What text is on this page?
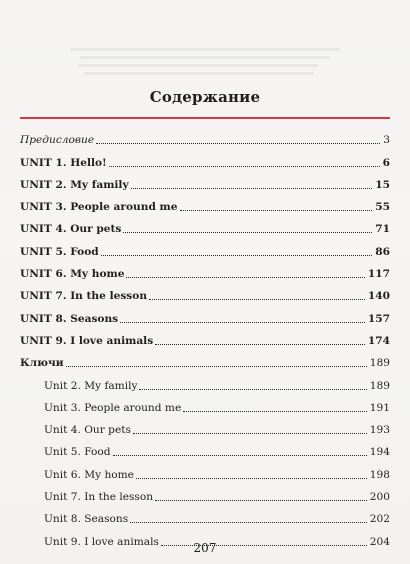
Содержание
Предисловие	3
UNIT 1. Hello!	6
UNIT 2. My family	15
UNIT 3. People around me	55
UNIT 4. Our pets	71
UNIT 5. Food	86
UNIT 6. My home	117
UNIT 7. In the lesson	140
UNIT 8. Seasons	157
UNIT 9. I love animals	174
Ключи	189
Unit 2. My family	189
Unit 3. People around me	191
Unit 4. Our pets	193
Unit 5. Food	194
Unit 6. My home	198
Unit 7. In the lesson	200
Unit 8. Seasons	202
Unit 9. I love animals	204
207
